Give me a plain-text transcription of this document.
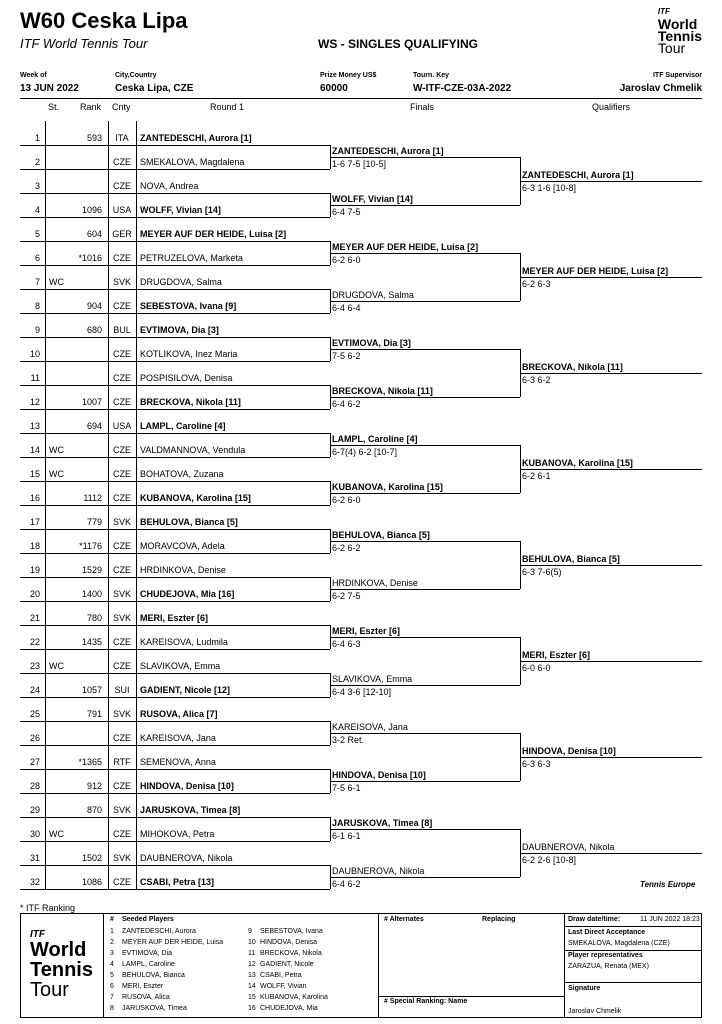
W60 Ceska Lipa
ITF World Tennis Tour	WS - SINGLES QUALIFYING
ITF
World
Tennis
Tour
Week of
13 JUN 2022
City,Country
Ceska Lipa, CZE
Prize Money US$
60000
Tourn. Key
W-ITF-CZE-03A-2022
ITF Supervisor
Jaroslav Chmelik
St. Rank Cnty	Round 1	Finals	Qualifiers
1	593	ITA	ZANTEDESCHI, Aurora [1]
2	CZE	SMEKALOVA, Magdalena
3	CZE	NOVA, Andrea
4	1096	USA WOLFF, Vivian [14]
5	604	GER MEYER AUF DER HEIDE, Luisa [2]
6	*1016	CZE	PETRUZELOVA, Marketa
7 WC	SVK	DRUGDOVA, Salma
8	904	CZE	SEBESTOVA, Ivana [9]
9	680	BUL	EVTIMOVA, Dia [3]
10	CZE	KOTLIKOVA, Inez Maria
11	CZE	POSPISILOVA, Denisa
12	1007	CZE	BRECKOVA, Nikola [11]
13	694	USA LAMPL, Caroline [4]
14 WC	CZE	VALDMANNOVA, Vendula
15 WC	CZE	BOHATOVA, Zuzana
16	1112	CZE	KUBANOVA, Karolina [15]
17	779	SVK	BEHULOVA, Bianca [5]
18	*1176	CZE	MORAVCOVA, Adela
19	1529	CZE	HRDINKOVA, Denise
20	1400	SVK	CHUDEJOVA, Mia [16]
21	780	SVK	MERI, Eszter [6]
22	1435	CZE	KAREISOVA, Ludmila
23 WC	CZE	SLAVIKOVA, Emma
24	1057	SUI	GADIENT, Nicole [12]
25	791	SVK	RUSOVA, Alica [7]
26	CZE	KAREISOVA, Jana
27	*1365	RTF	SEMENOVA, Anna
28	912	CZE	HINDOVA, Denisa [10]
29	870	SVK	JARUSKOVA, Timea [8]
30 WC	CZE	MIHOKOVA, Petra
31	1502	SVK	DAUBNEROVA, Nikola
32	1086	CZE	CSABI, Petra [13]
ZANTEDESCHI, Aurora [1]
1-6 7-5 [10-5]
WOLFF, Vivian [14]
6-4 7-5
MEYER AUF DER HEIDE, Luisa [2]
6-2 6-0
DRUGDOVA, Salma
6-4 6-4
EVTIMOVA, Dia [3]
7-5 6-2
BRECKOVA, Nikola [11]
6-4 6-2
LAMPL, Caroline [4]
6-7(4) 6-2 [10-7]
KUBANOVA, Karolina [15]
6-2 6-0
BEHULOVA, Bianca [5]
6-2 6-2
HRDINKOVA, Denise
6-2 7-5
MERI, Eszter [6]
6-4 6-3
SLAVIKOVA, Emma
6-4 3-6 [12-10]
KAREISOVA, Jana
3-2 Ret.
HINDOVA, Denisa [10]
7-5 6-1
JARUSKOVA, Timea [8]
6-1 6-1
DAUBNEROVA, Nikola
6-4 6-2
ZANTEDESCHI, Aurora [1]
6-3 1-6 [10-8]
MEYER AUF DER HEIDE, Luisa [2]
6-2 6-3
BRECKOVA, Nikola [11]
6-3 6-2
KUBANOVA, Karolina [15]
6-2 6-1
BEHULOVA, Bianca [5]
6-3 7-6(5)
MERI, Eszter [6]
6-0 6-0
HINDOVA, Denisa [10]
6-3 6-3
DAUBNEROVA, Nikola
6-2 2-6 [10-8]
Tennis Europe
* ITF Ranking
ITF
World
Tennis
Tour
# Seeded Players
1 ZANTEDESCHI, Aurora
2 MEYER AUF DER HEIDE, Luisa
3 EVTIMOVA, Dia
4 LAMPL, Caroline
5 BEHULOVA, Bianca
6 MERI, Eszter
7 RUSOVA, Alica
8 JARUSKOVA, Timea
9 SEBESTOVA, Ivana
10 HINDOVA, Denisa
11 BRECKOVA, Nikola
12 GADIENT, Nicole
13 CSABI, Petra
14 WOLFF, Vivian
15 KUBANOVA, Karolina
16 CHUDEJOVA, Mia
# Alternates	Replacing
# Special Ranking: Name
Draw date/time:	11 JUN 2022 18:23
Last Direct Acceptance
SMEKALOVA, Magdalena (CZE)
Player representatives
ZARAZUA, Renata (MEX)
Signature
Jaroslav Chmelik
